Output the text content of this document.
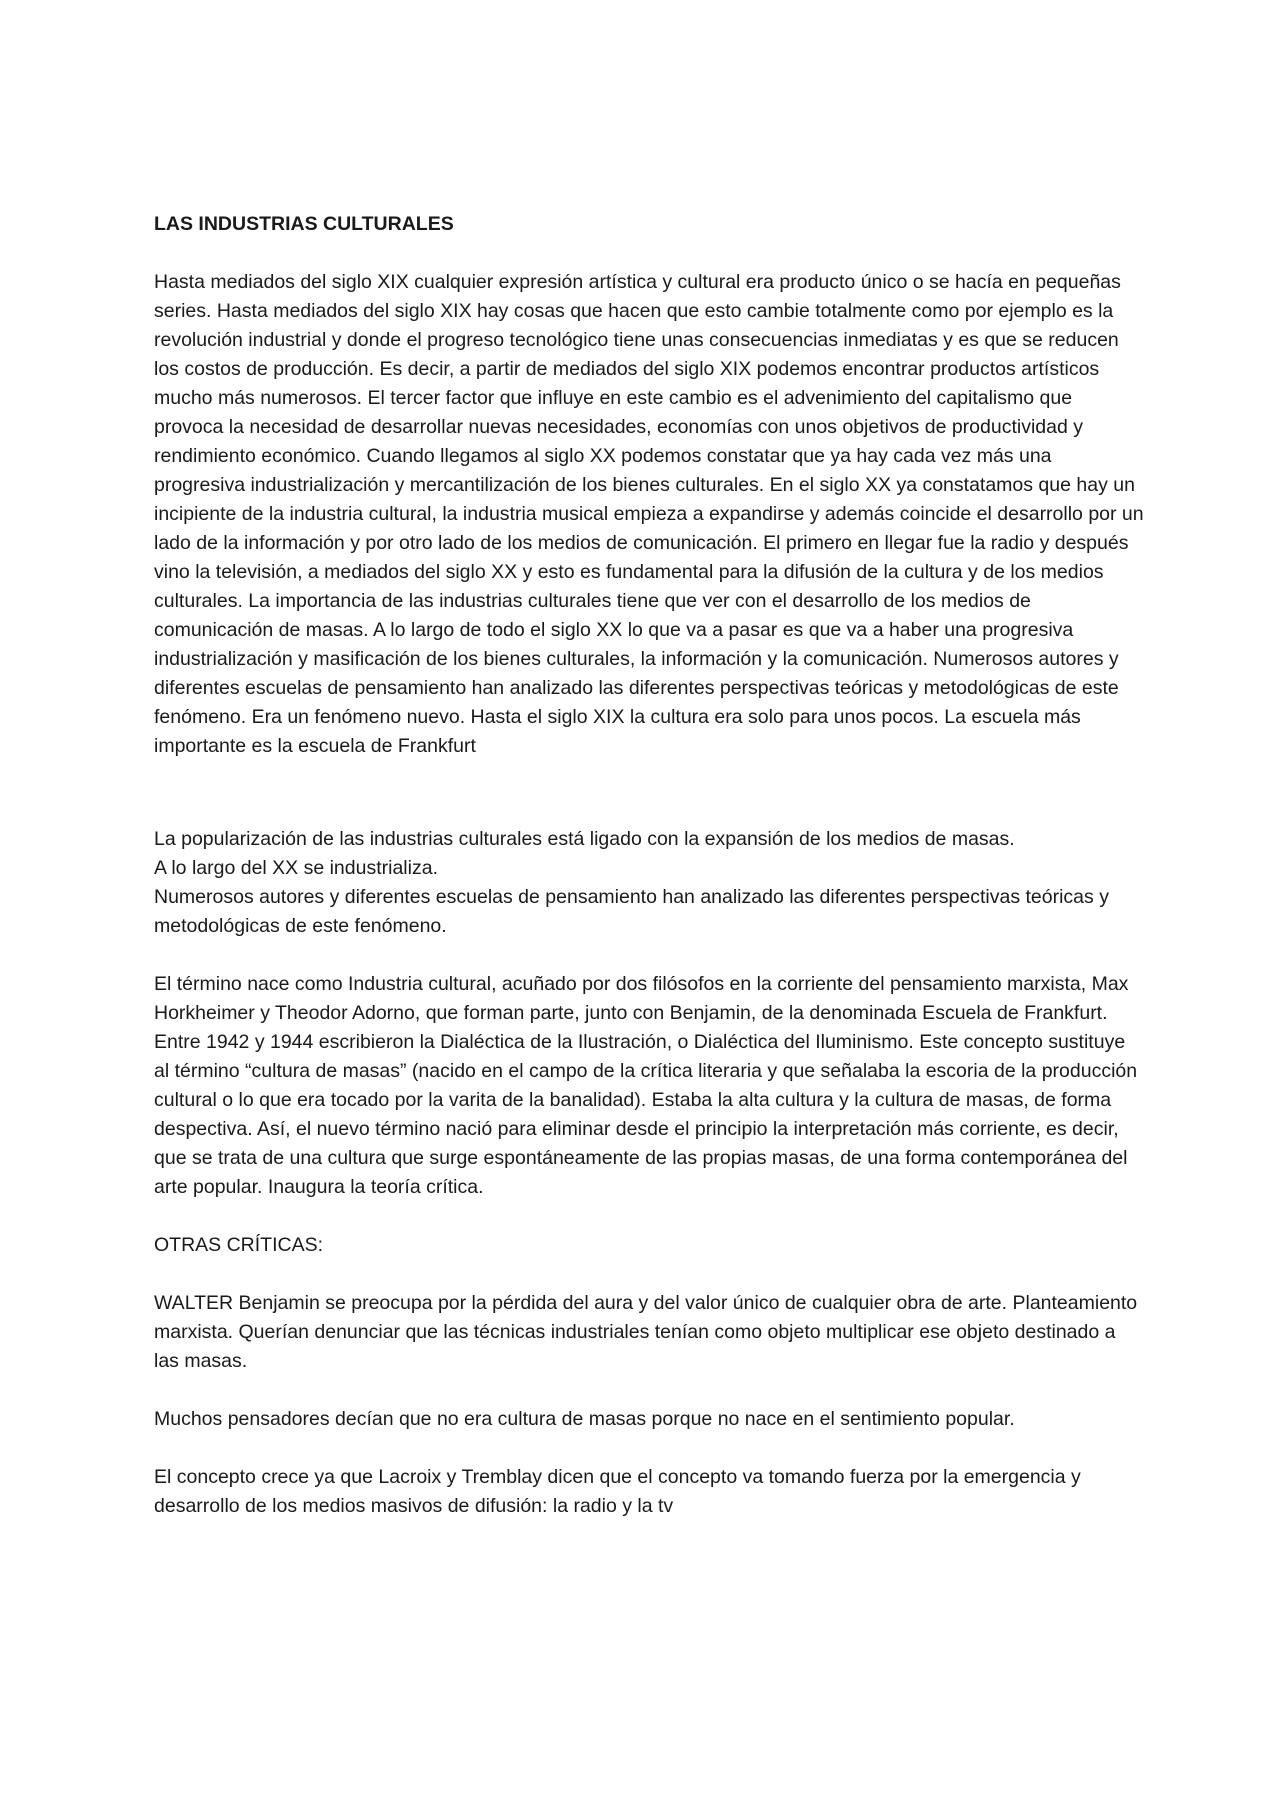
LAS INDUSTRIAS CULTURALES

Hasta mediados del siglo XIX cualquier expresión artística y cultural era producto único o se hacía en pequeñas series. Hasta mediados del siglo XIX hay cosas que hacen que esto cambie totalmente como por ejemplo es la revolución industrial y donde el progreso tecnológico tiene unas consecuencias inmediatas y es que se reducen los costos de producción. Es decir, a partir de mediados del siglo XIX podemos encontrar productos artísticos mucho más numerosos. El tercer factor que influye en este cambio es el advenimiento del capitalismo que provoca la necesidad de desarrollar nuevas necesidades, economías con unos objetivos de productividad y rendimiento económico. Cuando llegamos al siglo XX podemos constatar que ya hay cada vez más una progresiva industrialización y mercantilización de los bienes culturales. En el siglo XX ya constatamos que hay un incipiente de la industria cultural, la industria musical empieza a expandirse y además coincide el desarrollo por un lado de la información y por otro lado de los medios de comunicación. El primero en llegar fue la radio y después vino la televisión, a mediados del siglo XX y esto es fundamental para la difusión de la cultura y de los medios culturales. La importancia de las industrias culturales tiene que ver con el desarrollo de los medios de comunicación de masas. A lo largo de todo el siglo XX lo que va a pasar es que va a haber una progresiva industrialización y masificación de los bienes culturales, la información y la comunicación. Numerosos autores y diferentes escuelas de pensamiento han analizado las diferentes perspectivas teóricas y metodológicas de este fenómeno. Era un fenómeno nuevo. Hasta el siglo XIX la cultura era solo para unos pocos. La escuela más importante es la escuela de Frankfurt

La popularización de las industrias culturales está ligado con la expansión de los medios de masas.

A lo largo del XX se industrializa.

Numerosos autores y diferentes escuelas de pensamiento han analizado las diferentes perspectivas teóricas y metodológicas de este fenómeno.

El término nace como Industria cultural, acuñado por dos filósofos en la corriente del pensamiento marxista, Max Horkheimer y Theodor Adorno, que forman parte, junto con Benjamin, de la denominada Escuela de Frankfurt. Entre 1942 y 1944 escribieron la Dialéctica de la Ilustración, o Dialéctica del Iluminismo. Este concepto sustituye al término “cultura de masas” (nacido en el campo de la crítica literaria y que señalaba la escoria de la producción cultural o lo que era tocado por la varita de la banalidad). Estaba la alta cultura y la cultura de masas, de forma despectiva. Así, el nuevo término nació para eliminar desde el principio la interpretación más corriente, es decir, que se trata de una cultura que surge espontáneamente de las propias masas, de una forma contemporánea del arte popular. Inaugura la teoría crítica.

OTRAS CRÍTICAS:

WALTER Benjamin se preocupa por la pérdida del aura y del valor único de cualquier obra de arte. Planteamiento marxista. Querían denunciar que las técnicas industriales tenían como objeto multiplicar ese objeto destinado a las masas.

Muchos pensadores decían que no era cultura de masas porque no nace en el sentimiento popular.

El concepto crece ya que Lacroix y Tremblay dicen que el concepto va tomando fuerza por la emergencia y desarrollo de los medios masivos de difusión: la radio y la tv
